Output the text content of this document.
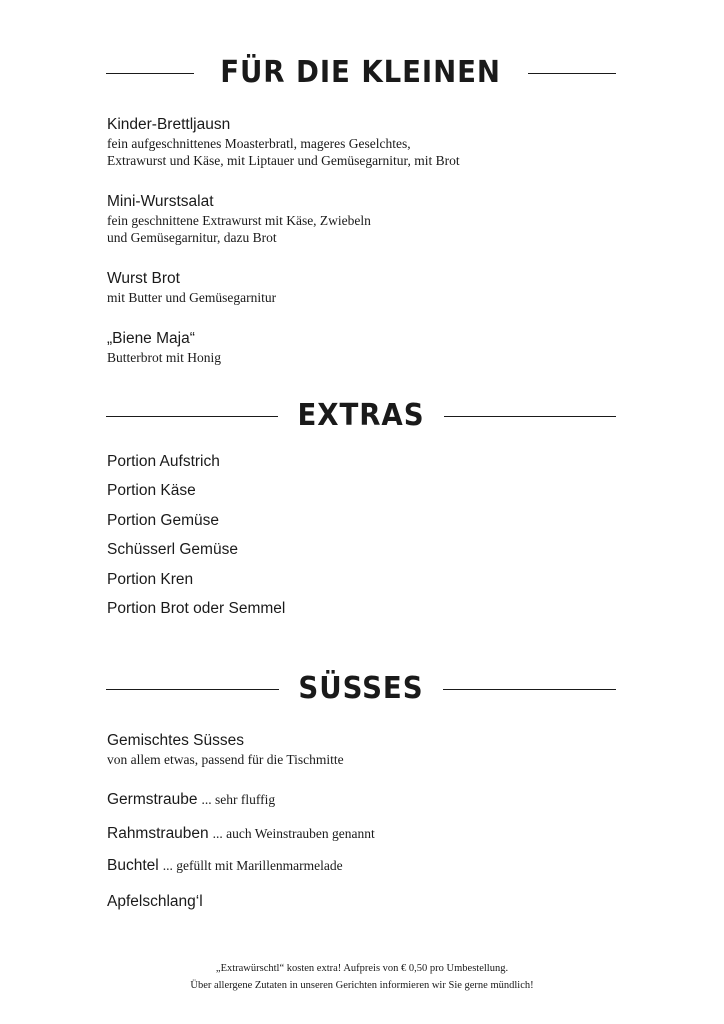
FÜR DIE KLEINEN
Kinder-Brettljausn
fein aufgeschnittenes Moasterbratl, mageres Geselchtes,
Extrawurst und Käse, mit Liptauer und Gemüsegarnitur, mit Brot
Mini-Wurstsalat
fein geschnittene Extrawurst mit Käse, Zwiebeln
und Gemüsegarnitur, dazu Brot
Wurst Brot
mit Butter und Gemüsegarnitur
„Biene Maja“
Butterbrot mit Honig
EXTRAS
Portion Aufstrich
Portion Käse
Portion Gemüse
Schüsserl Gemüse
Portion Kren
Portion Brot oder Semmel
SÜSSES
Gemischtes Süsses
von allem etwas, passend für die Tischmitte
Germstraube ... sehr fluffig
Rahmstrauben ... auch Weinstrauben genannt
Buchtel ... gefüllt mit Marillenmarmelade
Apfelschlang‘l
„Extrawürschtl“ kosten extra! Aufpreis von € 0,50 pro Umbestellung.
Über allergene Zutaten in unseren Gerichten informieren wir Sie gerne mündlich!
